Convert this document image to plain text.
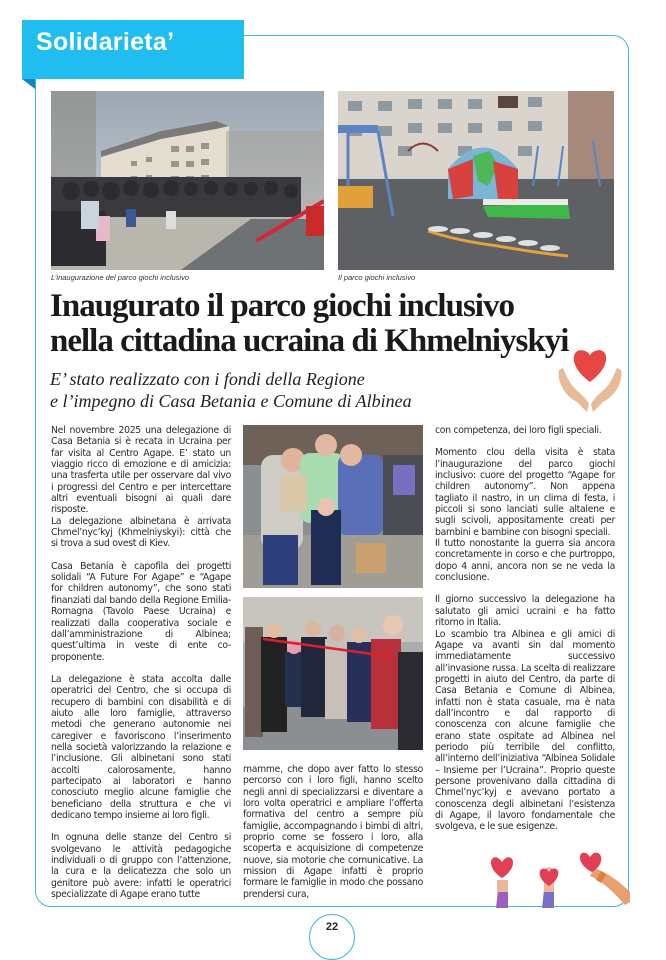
Solidarieta’
L’inaugurazione del parco giochi inclusivo	Il parco giochi inclusivo
Inaugurato il parco giochi inclusivo
nella cittadina ucraina di Khmelniyskyi
E’ stato realizzato con i fondi della Regione
e l’impegno di Casa Betania e Comune di Albinea

Nel novembre 2025 una delegazione di Casa Betania si è recata in Ucraina per far visita al Centro Agape. E’ stato un viaggio ricco di emozione e di amicizia: una trasferta utile per osservare dal vivo i progressi del Centro e per intercettare altri eventuali bisogni ai quali dare risposte.

La delegazione albinetana è arrivata Chmel’nyc’kyj (Khmelniyskyi): città che si trova a sud ovest di Kiev.

Casa Betania è capofila dei progetti solidali “A Future For Agape” e “Agape for children autonomy”, che sono stati finanziati dal bando della Regione Emilia-Romagna (Tavolo Paese Ucraina) e realizzati dalla cooperativa sociale e dall’amministrazione di Albinea; quest’ultima in veste di ente co-proponente.

La delegazione è stata accolta dalle operatrici del Centro, che si occupa di recupero di bambini con disabilità e di aiuto alle loro famiglie, attraverso metodi che generano autonomie nei caregiver e favoriscono l’inserimento nella società valorizzando la relazione e l’inclusione. Gli albinetani sono stati accolti calorosamente, hanno partecipato ai laboratori e hanno conosciuto meglio alcune famiglie che beneficiano della struttura e che vi dedicano tempo insieme ai loro figli.

In ognuna delle stanze del Centro si svolgevano le attività pedagogiche individuali o di gruppo con l’attenzione, la cura e la delicatezza che solo un genitore può avere: infatti le operatrici specializzate di Agape erano tutte

mamme, che dopo aver fatto lo stesso percorso con i loro figli, hanno scelto negli anni di specializzarsi e diventare a loro volta operatrici e ampliare l’offerta formativa del centro a sempre più famiglie, accompagnando i bimbi di altri, proprio come se fossero i loro, alla scoperta e acquisizione di competenze nuove, sia motorie che comunicative. La mission di Agape infatti è proprio formare le famiglie in modo che possano prendersi cura,

con competenza, dei loro figli speciali.

Momento clou della visita è stata l’inaugurazione del parco giochi inclusivo: cuore del progetto “Agape for children autonomy”. Non appena tagliato il nastro, in un clima di festa, i piccoli si sono lanciati sulle altalene e sugli scivoli, appositamente creati per bambini e bambine con bisogni speciali.

Il tutto nonostante la guerra sia ancora concretamente in corso e che purtroppo, dopo 4 anni, ancora non se ne veda la conclusione.

Il giorno successivo la delegazione ha salutato gli amici ucraini e ha fatto ritorno in Italia.

Lo scambio tra Albinea e gli amici di Agape va avanti sin dal momento immediatamente successivo all’invasione russa. La scelta di realizzare progetti in aiuto del Centro, da parte di Casa Betania e Comune di Albinea, infatti non è stata casuale, ma è nata dall’incontro e dal rapporto di conoscenza con alcune famiglie che erano state ospitate ad Albinea nel periodo più terribile del conflitto, all’interno dell’iniziativa “Albinea Solidale – Insieme per l’Ucraina”. Proprio queste persone provenivano dalla cittadina di Chmel’nyc’kyj e avevano portato a conoscenza degli albinetani l’esistenza di Agape, il lavoro fondamentale che svolgeva, e le sue esigenze.

22
